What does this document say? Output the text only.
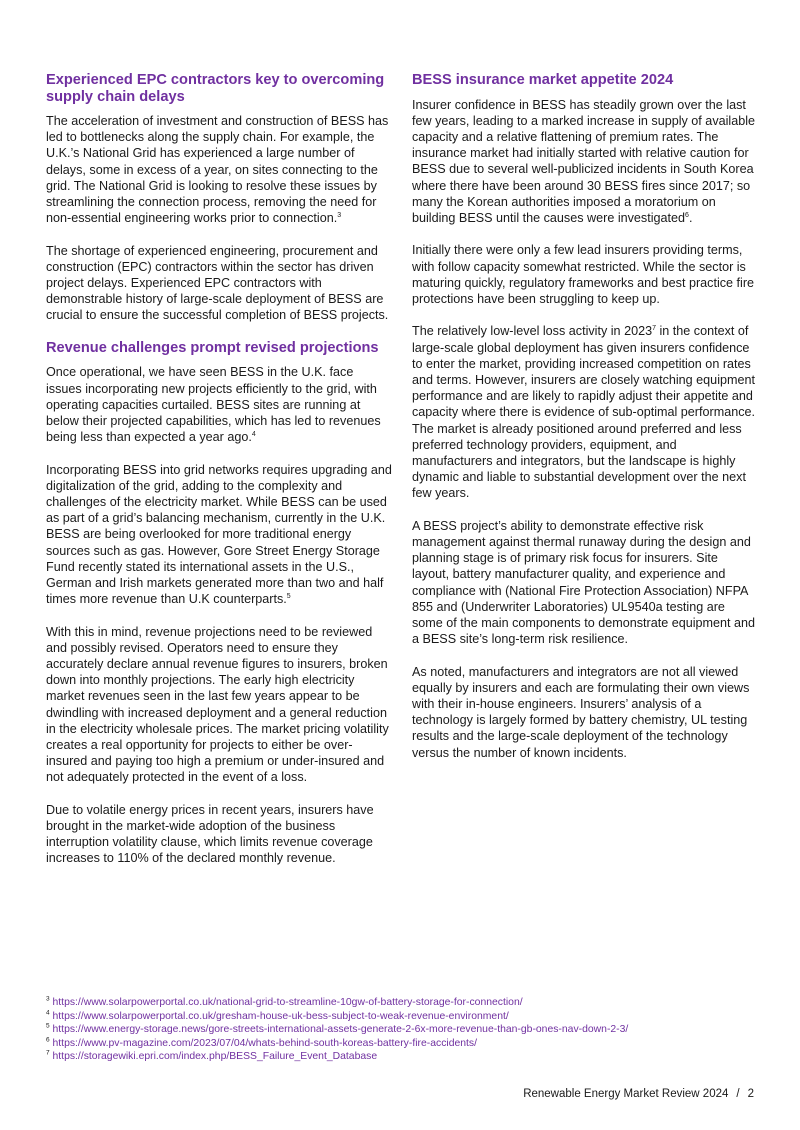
Experienced EPC contractors key to overcoming supply chain delays

The acceleration of investment and construction of BESS has led to bottlenecks along the supply chain. For example, the U.K.’s National Grid has experienced a large number of delays, some in excess of a year, on sites connecting to the grid. The National Grid is looking to resolve these issues by streamlining the connection process, removing the need for non-essential engineering works prior to connection.$^3$

The shortage of experienced engineering, procurement and construction (EPC) contractors within the sector has driven project delays. Experienced EPC contractors with demonstrable history of large-scale deployment of BESS are crucial to ensure the successful completion of BESS projects.

Revenue challenges prompt revised projections

Once operational, we have seen BESS in the U.K. face issues incorporating new projects efficiently to the grid, with operating capacities curtailed. BESS sites are running at below their projected capabilities, which has led to revenues being less than expected a year ago.$^4$

Incorporating BESS into grid networks requires upgrading and digitalization of the grid, adding to the complexity and challenges of the electricity market. While BESS can be used as part of a grid’s balancing mechanism, currently in the U.K. BESS are being overlooked for more traditional energy sources such as gas. However, Gore Street Energy Storage Fund recently stated its international assets in the U.S., German and Irish markets generated more than two and half times more revenue than U.K counterparts.$^5$

With this in mind, revenue projections need to be reviewed and possibly revised. Operators need to ensure they accurately declare annual revenue figures to insurers, broken down into monthly projections. The early high electricity market revenues seen in the last few years appear to be dwindling with increased deployment and a general reduction in the electricity wholesale prices. The market pricing volatility creates a real opportunity for projects to either be over-insured and paying too high a premium or under-insured and not adequately protected in the event of a loss.

Due to volatile energy prices in recent years, insurers have brought in the market-wide adoption of the business interruption volatility clause, which limits revenue coverage increases to 110% of the declared monthly revenue.

BESS insurance market appetite 2024

Insurer confidence in BESS has steadily grown over the last few years, leading to a marked increase in supply of available capacity and a relative flattening of premium rates. The insurance market had initially started with relative caution for BESS due to several well-publicized incidents in South Korea where there have been around 30 BESS fires since 2017; so many the Korean authorities imposed a moratorium on building BESS until the causes were investigated$^6$.

Initially there were only a few lead insurers providing terms, with follow capacity somewhat restricted. While the sector is maturing quickly, regulatory frameworks and best practice fire protections have been struggling to keep up.

The relatively low-level loss activity in 2023$^7$ in the context of large-scale global deployment has given insurers confidence to enter the market, providing increased competition on rates and terms. However, insurers are closely watching equipment performance and are likely to rapidly adjust their appetite and capacity where there is evidence of sub-optimal performance. The market is already positioned around preferred and less preferred technology providers, equipment, and manufacturers and integrators, but the landscape is highly dynamic and liable to substantial development over the next few years.

A BESS project’s ability to demonstrate effective risk management against thermal runaway during the design and planning stage is of primary risk focus for insurers. Site layout, battery manufacturer quality, and experience and compliance with (National Fire Protection Association) NFPA 855 and (Underwriter Laboratories) UL9540a testing are some of the main components to demonstrate equipment and a BESS site’s long-term risk resilience.

As noted, manufacturers and integrators are not all viewed equally by insurers and each are formulating their own views with their in-house engineers. Insurers’ analysis of a technology is largely formed by battery chemistry, UL testing results and the large-scale deployment of the technology versus the number of known incidents.

$^3$ https://www.solarpowerportal.co.uk/national-grid-to-streamline-10gw-of-battery-storage-for-connection/
$^4$ https://www.solarpowerportal.co.uk/gresham-house-uk-bess-subject-to-weak-revenue-environment/
$^5$ https://www.energy-storage.news/gore-streets-international-assets-generate-2-6x-more-revenue-than-gb-ones-nav-down-2-3/
$^6$ https://www.pv-magazine.com/2023/07/04/whats-behind-south-koreas-battery-fire-accidents/
$^7$ https://storagewiki.epri.com/index.php/BESS_Failure_Event_Database
Renewable Energy Market Review 2024 / 2
